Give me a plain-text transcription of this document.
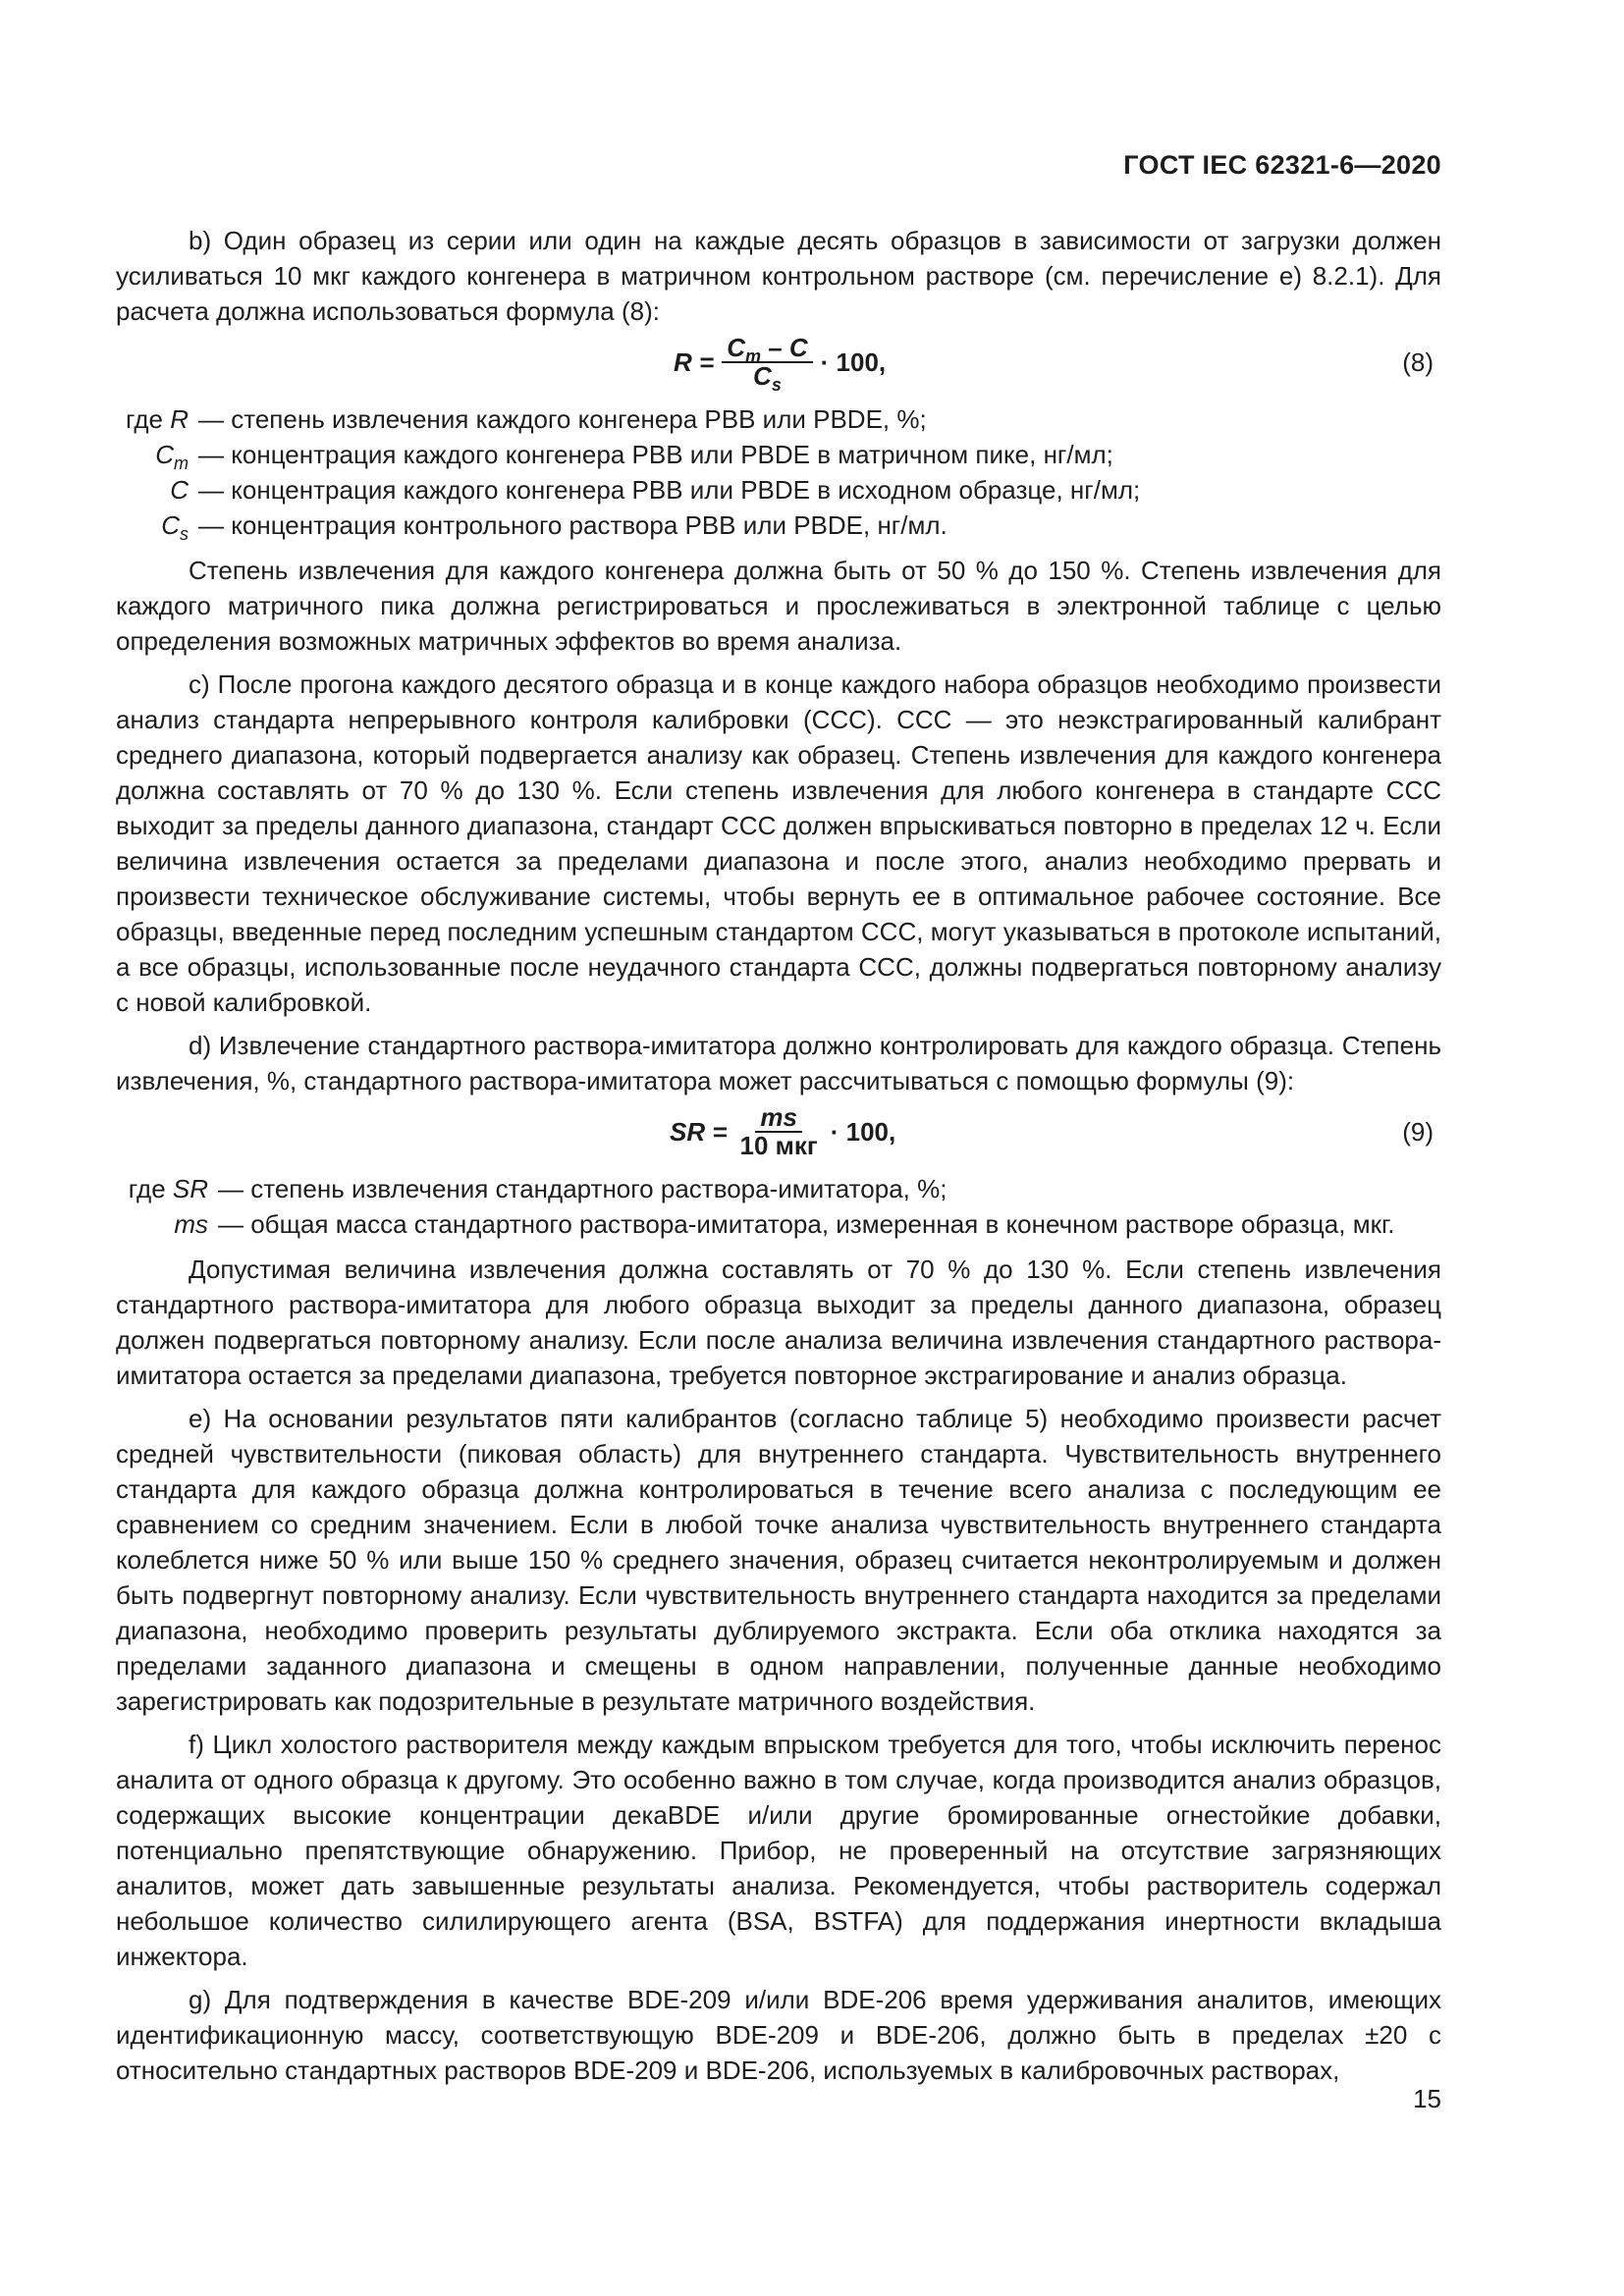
ГОСТ IEC 62321-6—2020

b) Один образец из серии или один на каждые десять образцов в зависимости от загрузки должен усиливаться 10 мкг каждого конгенера в матричном контрольном растворе (см. перечисление е) 8.2.1). Для расчета должна использоваться формула (8):

$R = \frac{C_m - C}{C_s} \cdot 100$,	(8)
где R — степень извлечения каждого конгенера PBB или PBDE, %;
$C_m$ — концентрация каждого конгенера PBB или PBDE в матричном пике, нг/мл;
C — концентрация каждого конгенера PBB или PBDE в исходном образце, нг/мл;
$C_s$ — концентрация контрольного раствора PBB или PBDE, нг/мл.

Степень извлечения для каждого конгенера должна быть от 50 % до 150 %. Степень извлечения для каждого матричного пика должна регистрироваться и прослеживаться в электронной таблице с целью определения возможных матричных эффектов во время анализа.

с) После прогона каждого десятого образца и в конце каждого набора образцов необходимо произвести анализ стандарта непрерывного контроля калибровки (ССС). ССС — это неэкстрагированный калибрант среднего диапазона, который подвергается анализу как образец. Степень извлечения для каждого конгенера должна составлять от 70 % до 130 %. Если степень извлечения для любого конгенера в стандарте ССС выходит за пределы данного диапазона, стандарт ССС должен впрыскиваться повторно в пределах 12 ч. Если величина извлечения остается за пределами диапазона и после этого, анализ необходимо прервать и произвести техническое обслуживание системы, чтобы вернуть ее в оптимальное рабочее состояние. Все образцы, введенные перед последним успешным стандартом ССС, могут указываться в протоколе испытаний, а все образцы, использованные после неудачного стандарта ССС, должны подвергаться повторному анализу с новой калибровкой.

d) Извлечение стандартного раствора-имитатора должно контролировать для каждого образца. Степень извлечения, %, стандартного раствора-имитатора может рассчитываться с помощью формулы (9):

SR = $\frac{ms}{\text{10 мкг}} \cdot 100$,	(9)
где SR — степень извлечения стандартного раствора-имитатора, %;
ms — общая масса стандартного раствора-имитатора, измеренная в конечном растворе образца, мкг.

Допустимая величина извлечения должна составлять от 70 % до 130 %. Если степень извлечения стандартного раствора-имитатора для любого образца выходит за пределы данного диапазона, образец должен подвергаться повторному анализу. Если после анализа величина извлечения стандартного раствора-имитатора остается за пределами диапазона, требуется повторное экстрагирование и анализ образца.

е) На основании результатов пяти калибрантов (согласно таблице 5) необходимо произвести расчет средней чувствительности (пиковая область) для внутреннего стандарта. Чувствительность внутреннего стандарта для каждого образца должна контролироваться в течение всего анализа с последующим ее сравнением со средним значением. Если в любой точке анализа чувствительность внутреннего стандарта колеблется ниже 50 % или выше 150 % среднего значения, образец считается неконтролируемым и должен быть подвергнут повторному анализу. Если чувствительность внутреннего стандарта находится за пределами диапазона, необходимо проверить результаты дублируемого экстракта. Если оба отклика находятся за пределами заданного диапазона и смещены в одном направлении, полученные данные необходимо зарегистрировать как подозрительные в результате матричного воздействия.

f) Цикл холостого растворителя между каждым впрыском требуется для того, чтобы исключить перенос аналита от одного образца к другому. Это особенно важно в том случае, когда производится анализ образцов, содержащих высокие концентрации декаBDE и/или другие бромированные огнестойкие добавки, потенциально препятствующие обнаружению. Прибор, не проверенный на отсутствие загрязняющих аналитов, может дать завышенные результаты анализа. Рекомендуется, чтобы растворитель содержал небольшое количество силилирующего агента (BSA, BSTFA) для поддержания инертности вкладыша инжектора.

g) Для подтверждения в качестве BDE-209 и/или BDE-206 время удерживания аналитов, имеющих идентификационную массу, соответствующую BDE-209 и BDE-206, должно быть в пределах ±20 с относительно стандартных растворов BDE-209 и BDE-206, используемых в калибровочных растворах,

15
